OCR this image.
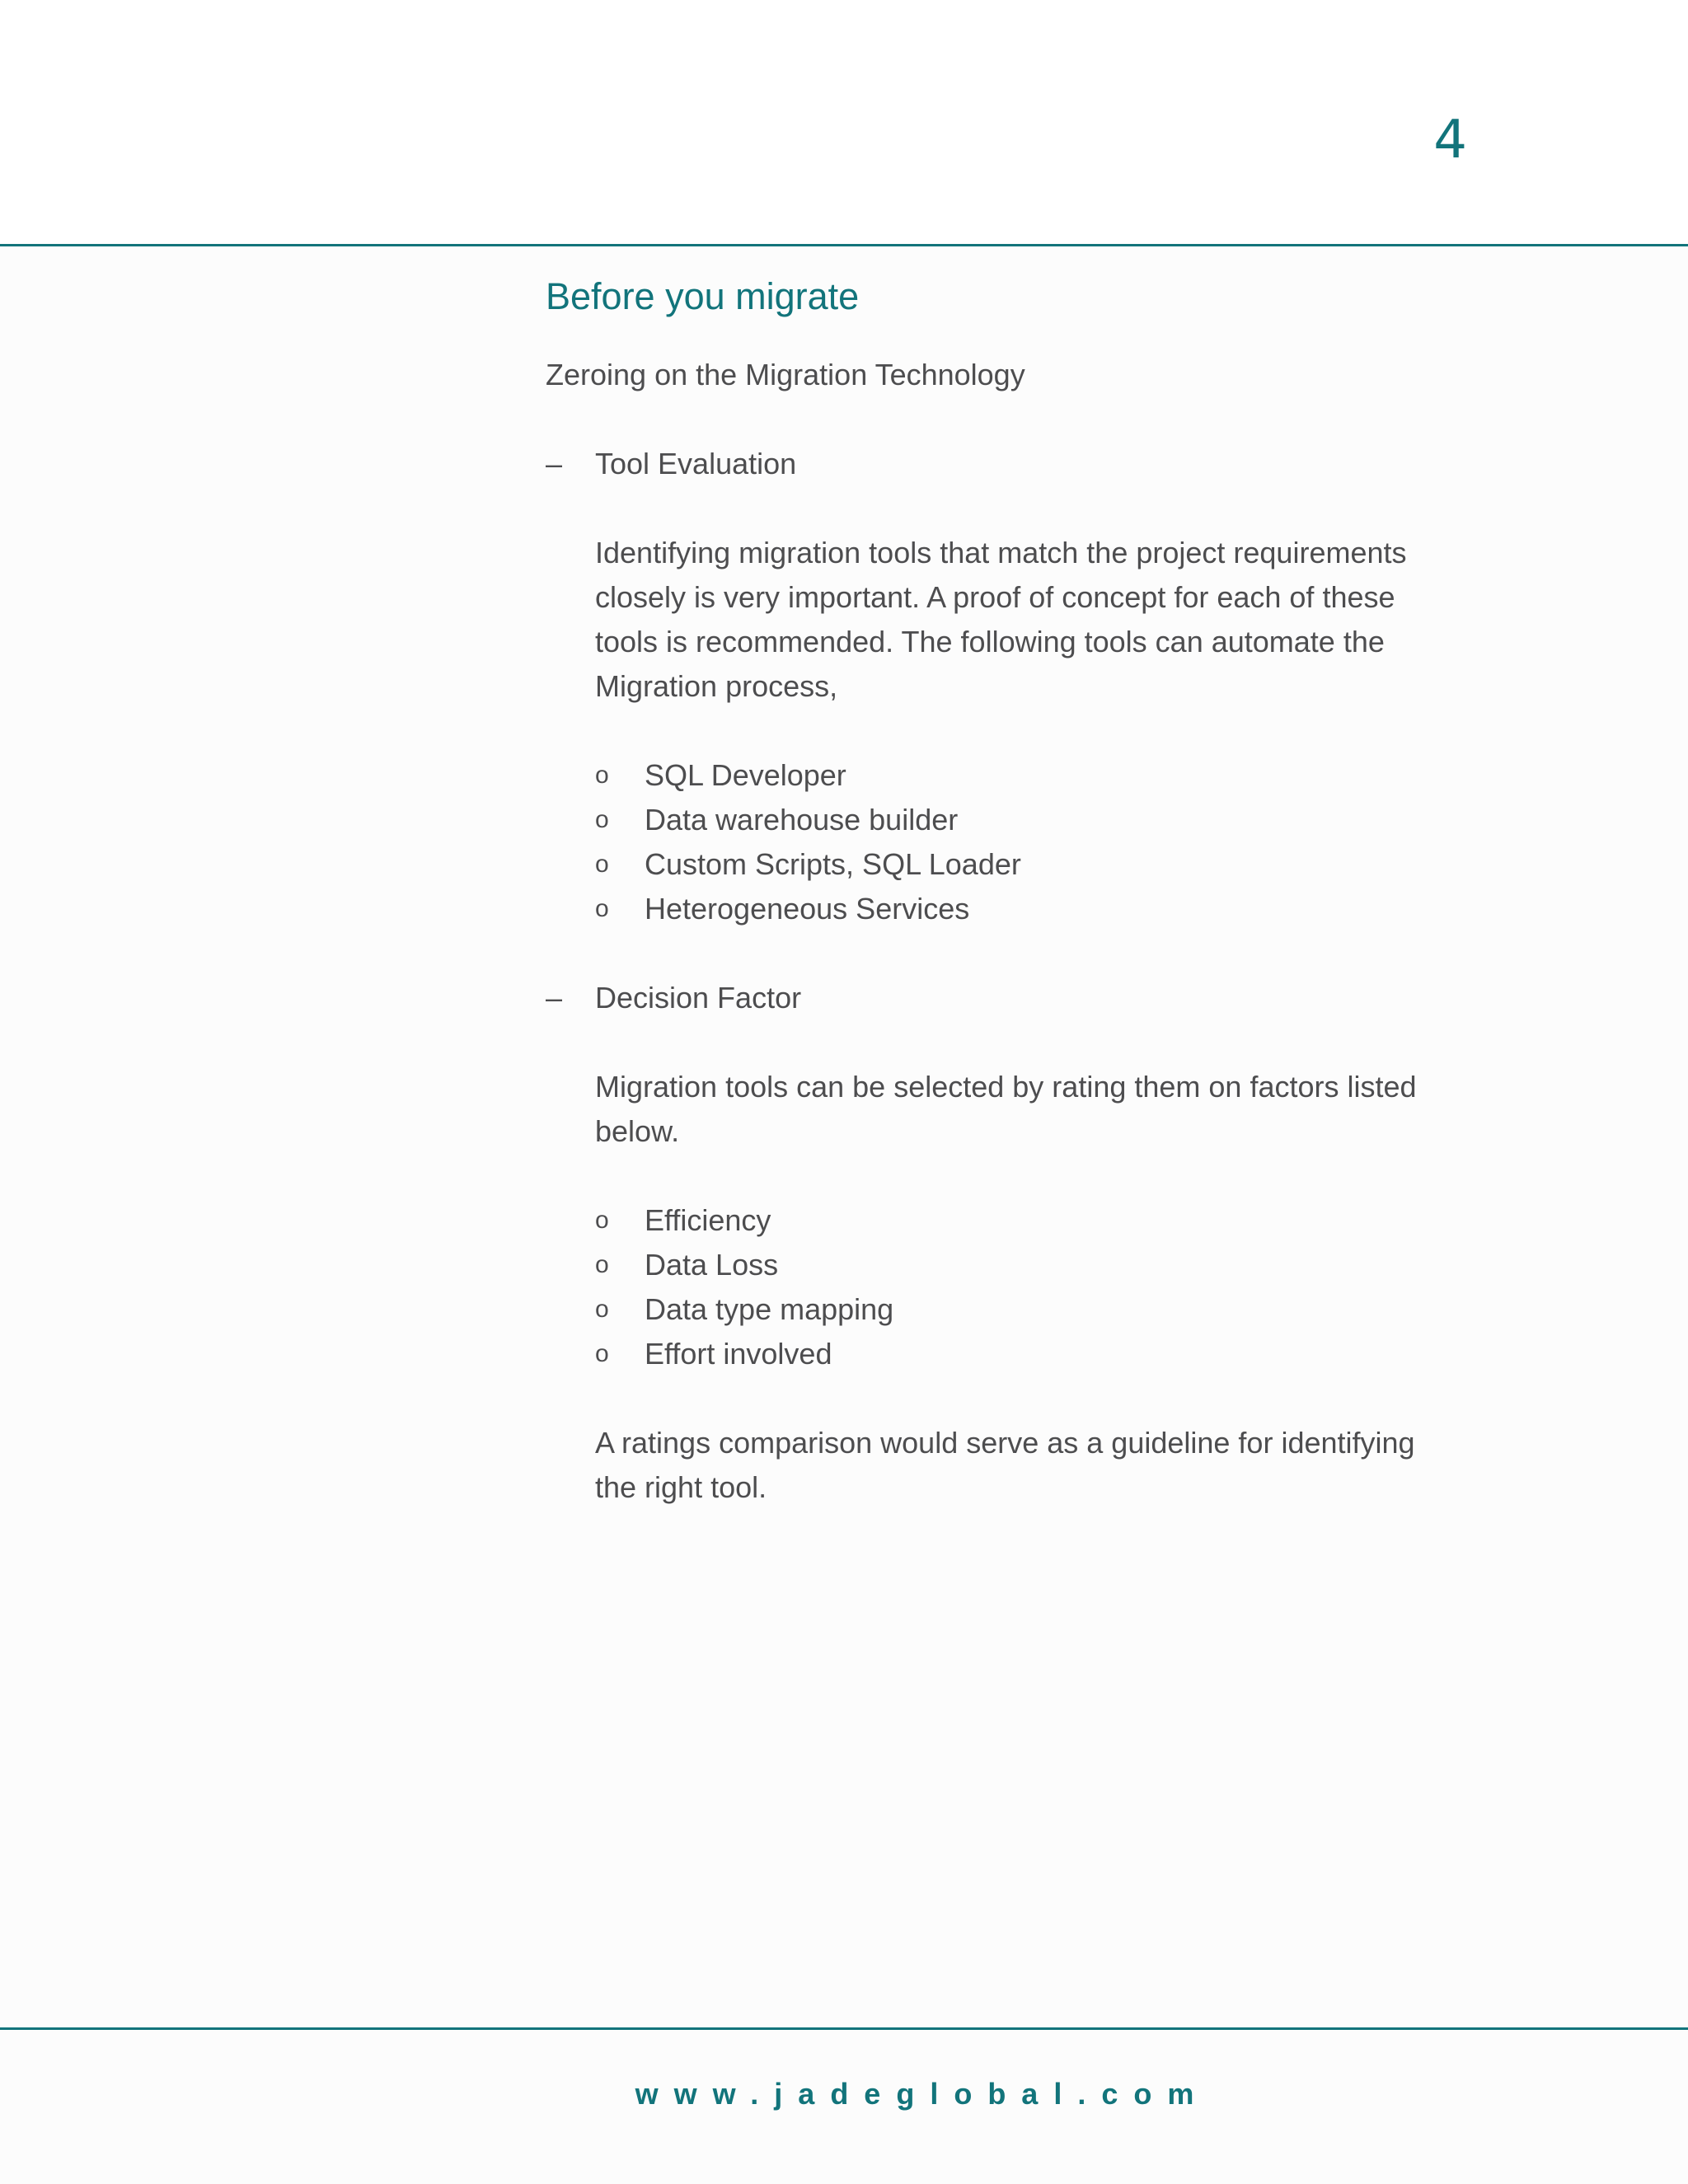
4
Before you migrate
Zeroing on the Migration Technology
–	Tool Evaluation
Identifying migration tools that match the project requirements closely is very important. A proof of concept for each of these tools is recommended. The following tools can automate the Migration process,
o	SQL Developer
o	Data warehouse builder
o	Custom Scripts, SQL Loader
o	Heterogeneous Services
–	Decision Factor
Migration tools can be selected by rating them on factors listed below.
o	Efficiency
o	Data Loss
o	Data type mapping
o	Effort involved
A ratings comparison would serve as a guideline for identifying the right tool.
www.jadeglobal.com
